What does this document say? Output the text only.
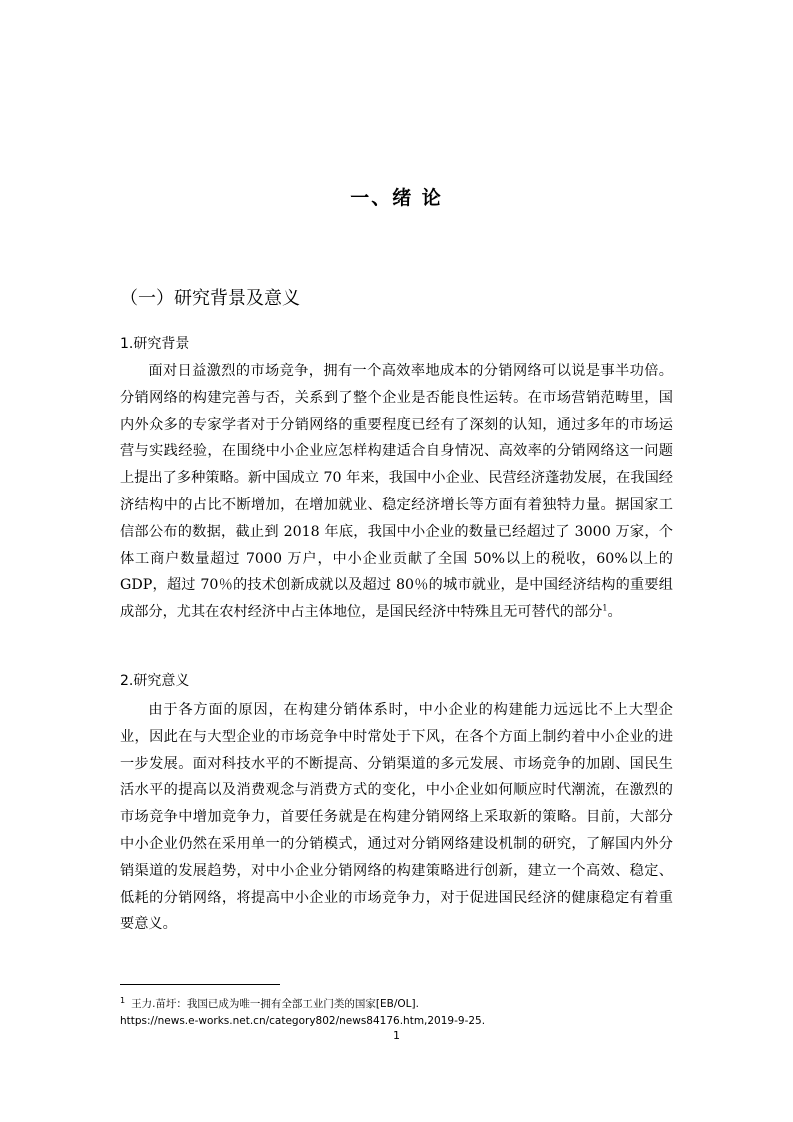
一、绪 论
（一）研究背景及意义
1.研究背景

面对日益激烈的市场竞争，拥有一个高效率地成本的分销网络可以说是事半功倍。分销网络的构建完善与否，关系到了整个企业是否能良性运转。在市场营销范畴里，国内外众多的专家学者对于分销网络的重要程度已经有了深刻的认知，通过多年的市场运营与实践经验，在围绕中小企业应怎样构建适合自身情况、高效率的分销网络这一问题上提出了多种策略。新中国成立 70 年来，我国中小企业、民营经济蓬勃发展，在我国经济结构中的占比不断增加，在增加就业、稳定经济增长等方面有着独特力量。据国家工信部公布的数据，截止到 2018 年底，我国中小企业的数量已经超过了 3000 万家，个体工商户数量超过 7000 万户，中小企业贡献了全国 50%以上的税收，60%以上的 GDP，超过 70％的技术创新成就以及超过 80％的城市就业，是中国经济结构的重要组成部分，尤其在农村经济中占主体地位，是国民经济中特殊且无可替代的部分$^1$。

2.研究意义

由于各方面的原因，在构建分销体系时，中小企业的构建能力远远比不上大型企业，因此在与大型企业的市场竞争中时常处于下风，在各个方面上制约着中小企业的进一步发展。面对科技水平的不断提高、分销渠道的多元发展、市场竞争的加剧、国民生活水平的提高以及消费观念与消费方式的变化，中小企业如何顺应时代潮流，在激烈的市场竞争中增加竞争力，首要任务就是在构建分销网络上采取新的策略。目前，大部分中小企业仍然在采用单一的分销模式，通过对分销网络建设机制的研究，了解国内外分销渠道的发展趋势，对中小企业分销网络的构建策略进行创新，建立一个高效、稳定、低耗的分销网络，将提高中小企业的市场竞争力，对于促进国民经济的健康稳定有着重要意义。

$^1$ 王力.苗圩：我国已成为唯一拥有全部工业门类的国家[EB/OL].
https://news.e-works.net.cn/category802/news84176.htm,2019-9-25.
1
